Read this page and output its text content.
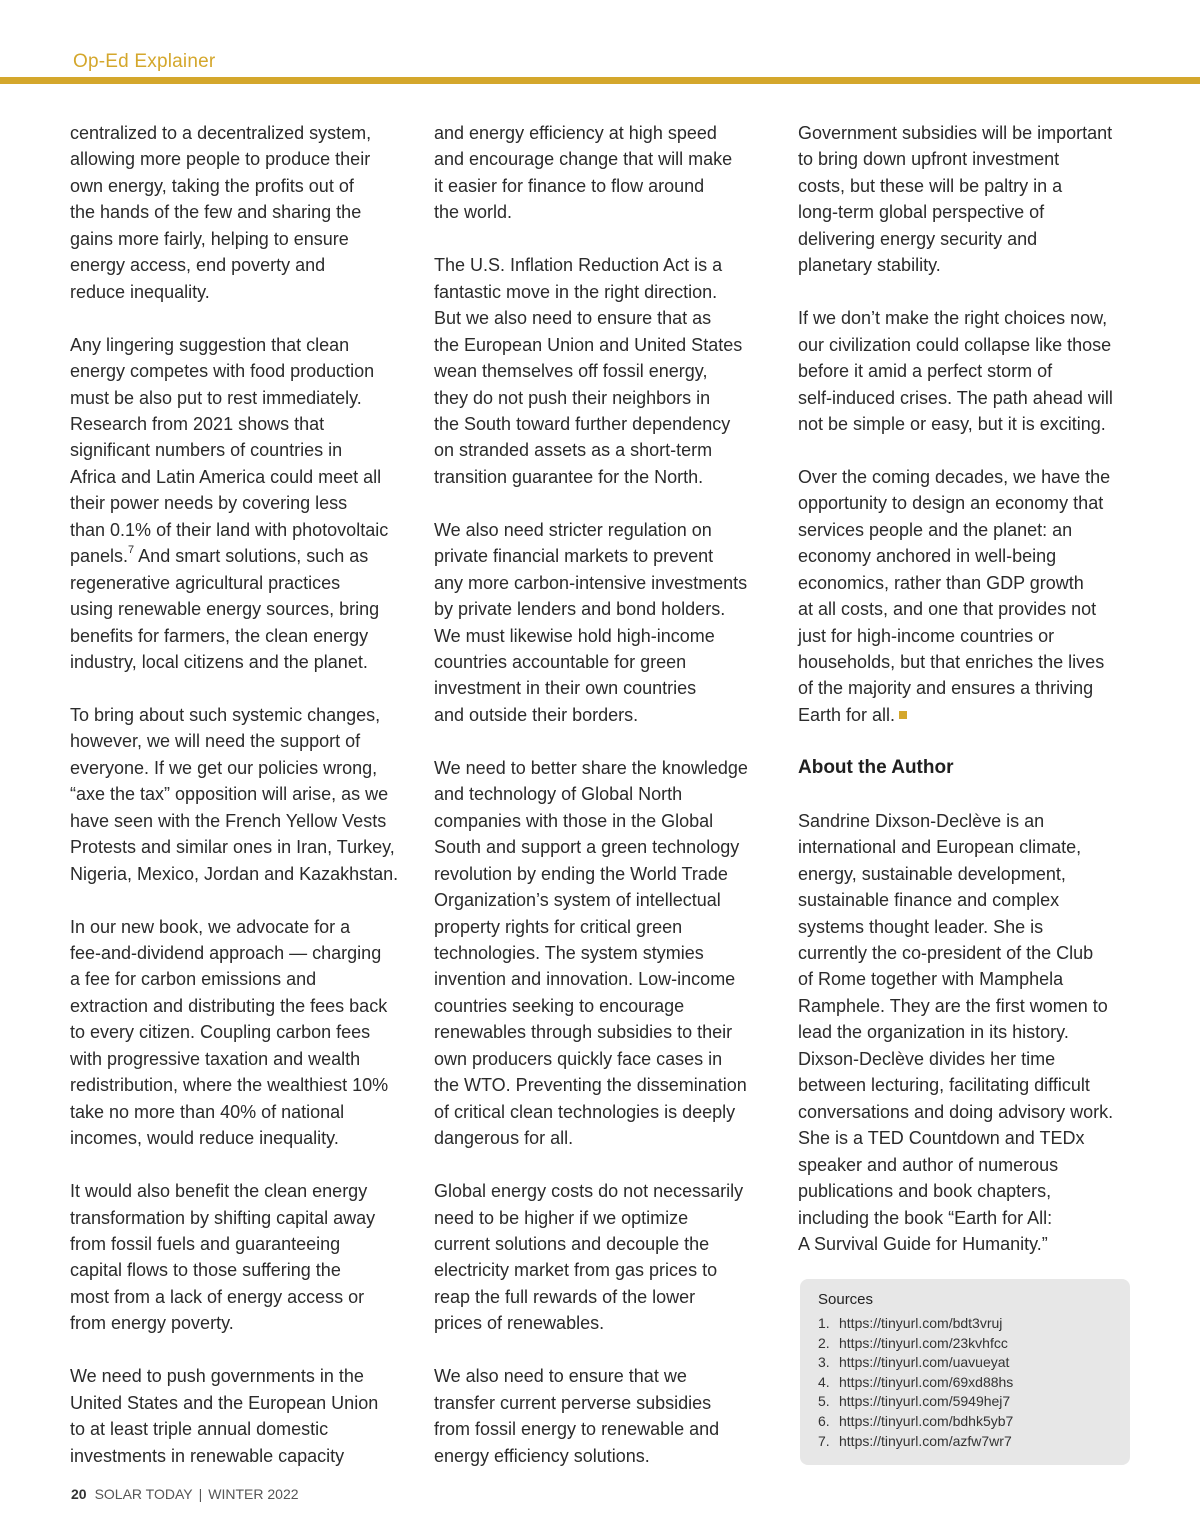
Op-Ed Explainer

centralized to a decentralized system,
allowing more people to produce their
own energy, taking the profits out of
the hands of the few and sharing the
gains more fairly, helping to ensure
energy access, end poverty and
reduce inequality.

Any lingering suggestion that clean
energy competes with food production
must be also put to rest immediately.
Research from 2021 shows that
significant numbers of countries in
Africa and Latin America could meet all
their power needs by covering less
than 0.1% of their land with photovoltaic
panels.$^7$ And smart solutions, such as
regenerative agricultural practices
using renewable energy sources, bring
benefits for farmers, the clean energy
industry, local citizens and the planet.

To bring about such systemic changes,
however, we will need the support of
everyone. If we get our policies wrong,
“axe the tax” opposition will arise, as we
have seen with the French Yellow Vests
Protests and similar ones in Iran, Turkey,
Nigeria, Mexico, Jordan and Kazakhstan.

In our new book, we advocate for a
fee-and-dividend approach — charging
a fee for carbon emissions and
extraction and distributing the fees back
to every citizen. Coupling carbon fees
with progressive taxation and wealth
redistribution, where the wealthiest 10%
take no more than 40% of national
incomes, would reduce inequality.

It would also benefit the clean energy
transformation by shifting capital away
from fossil fuels and guaranteeing
capital flows to those suffering the
most from a lack of energy access or
from energy poverty.

We need to push governments in the
United States and the European Union
to at least triple annual domestic
investments in renewable capacity

and energy efficiency at high speed
and encourage change that will make
it easier for finance to flow around
the world.

The U.S. Inflation Reduction Act is a
fantastic move in the right direction.
But we also need to ensure that as
the European Union and United States
wean themselves off fossil energy,
they do not push their neighbors in
the South toward further dependency
on stranded assets as a short-term
transition guarantee for the North.

We also need stricter regulation on
private financial markets to prevent
any more carbon-intensive investments
by private lenders and bond holders.
We must likewise hold high-income
countries accountable for green
investment in their own countries
and outside their borders.

We need to better share the knowledge
and technology of Global North
companies with those in the Global
South and support a green technology
revolution by ending the World Trade
Organization’s system of intellectual
property rights for critical green
technologies. The system stymies
invention and innovation. Low-income
countries seeking to encourage
renewables through subsidies to their
own producers quickly face cases in
the WTO. Preventing the dissemination
of critical clean technologies is deeply
dangerous for all.

Global energy costs do not necessarily
need to be higher if we optimize
current solutions and decouple the
electricity market from gas prices to
reap the full rewards of the lower
prices of renewables.

We also need to ensure that we
transfer current perverse subsidies
from fossil energy to renewable and
energy efficiency solutions.

Government subsidies will be important
to bring down upfront investment
costs, but these will be paltry in a
long-term global perspective of
delivering energy security and
planetary stability.

If we don’t make the right choices now,
our civilization could collapse like those
before it amid a perfect storm of
self-induced crises. The path ahead will
not be simple or easy, but it is exciting.

Over the coming decades, we have the
opportunity to design an economy that
services people and the planet: an
economy anchored in well-being
economics, rather than GDP growth
at all costs, and one that provides not
just for high-income countries or
households, but that enriches the lives
of the majority and ensures a thriving
Earth for all.

About the Author

Sandrine Dixson-Declève is an
international and European climate,
energy, sustainable development,
sustainable finance and complex
systems thought leader. She is
currently the co-president of the Club
of Rome together with Mamphela
Ramphele. They are the first women to
lead the organization in its history.
Dixson-Declève divides her time
between lecturing, facilitating difficult
conversations and doing advisory work.
She is a TED Countdown and TEDx
speaker and author of numerous
publications and book chapters,
including the book “Earth for All:
A Survival Guide for Humanity.”

Sources
1. https://tinyurl.com/bdt3vruj
2. https://tinyurl.com/23kvhfcc
3. https://tinyurl.com/uavueyat
4. https://tinyurl.com/69xd88hs
5. https://tinyurl.com/5949hej7
6. https://tinyurl.com/bdhk5yb7
7. https://tinyurl.com/azfw7wr7
20 SOLAR TODAY | WINTER 2022
